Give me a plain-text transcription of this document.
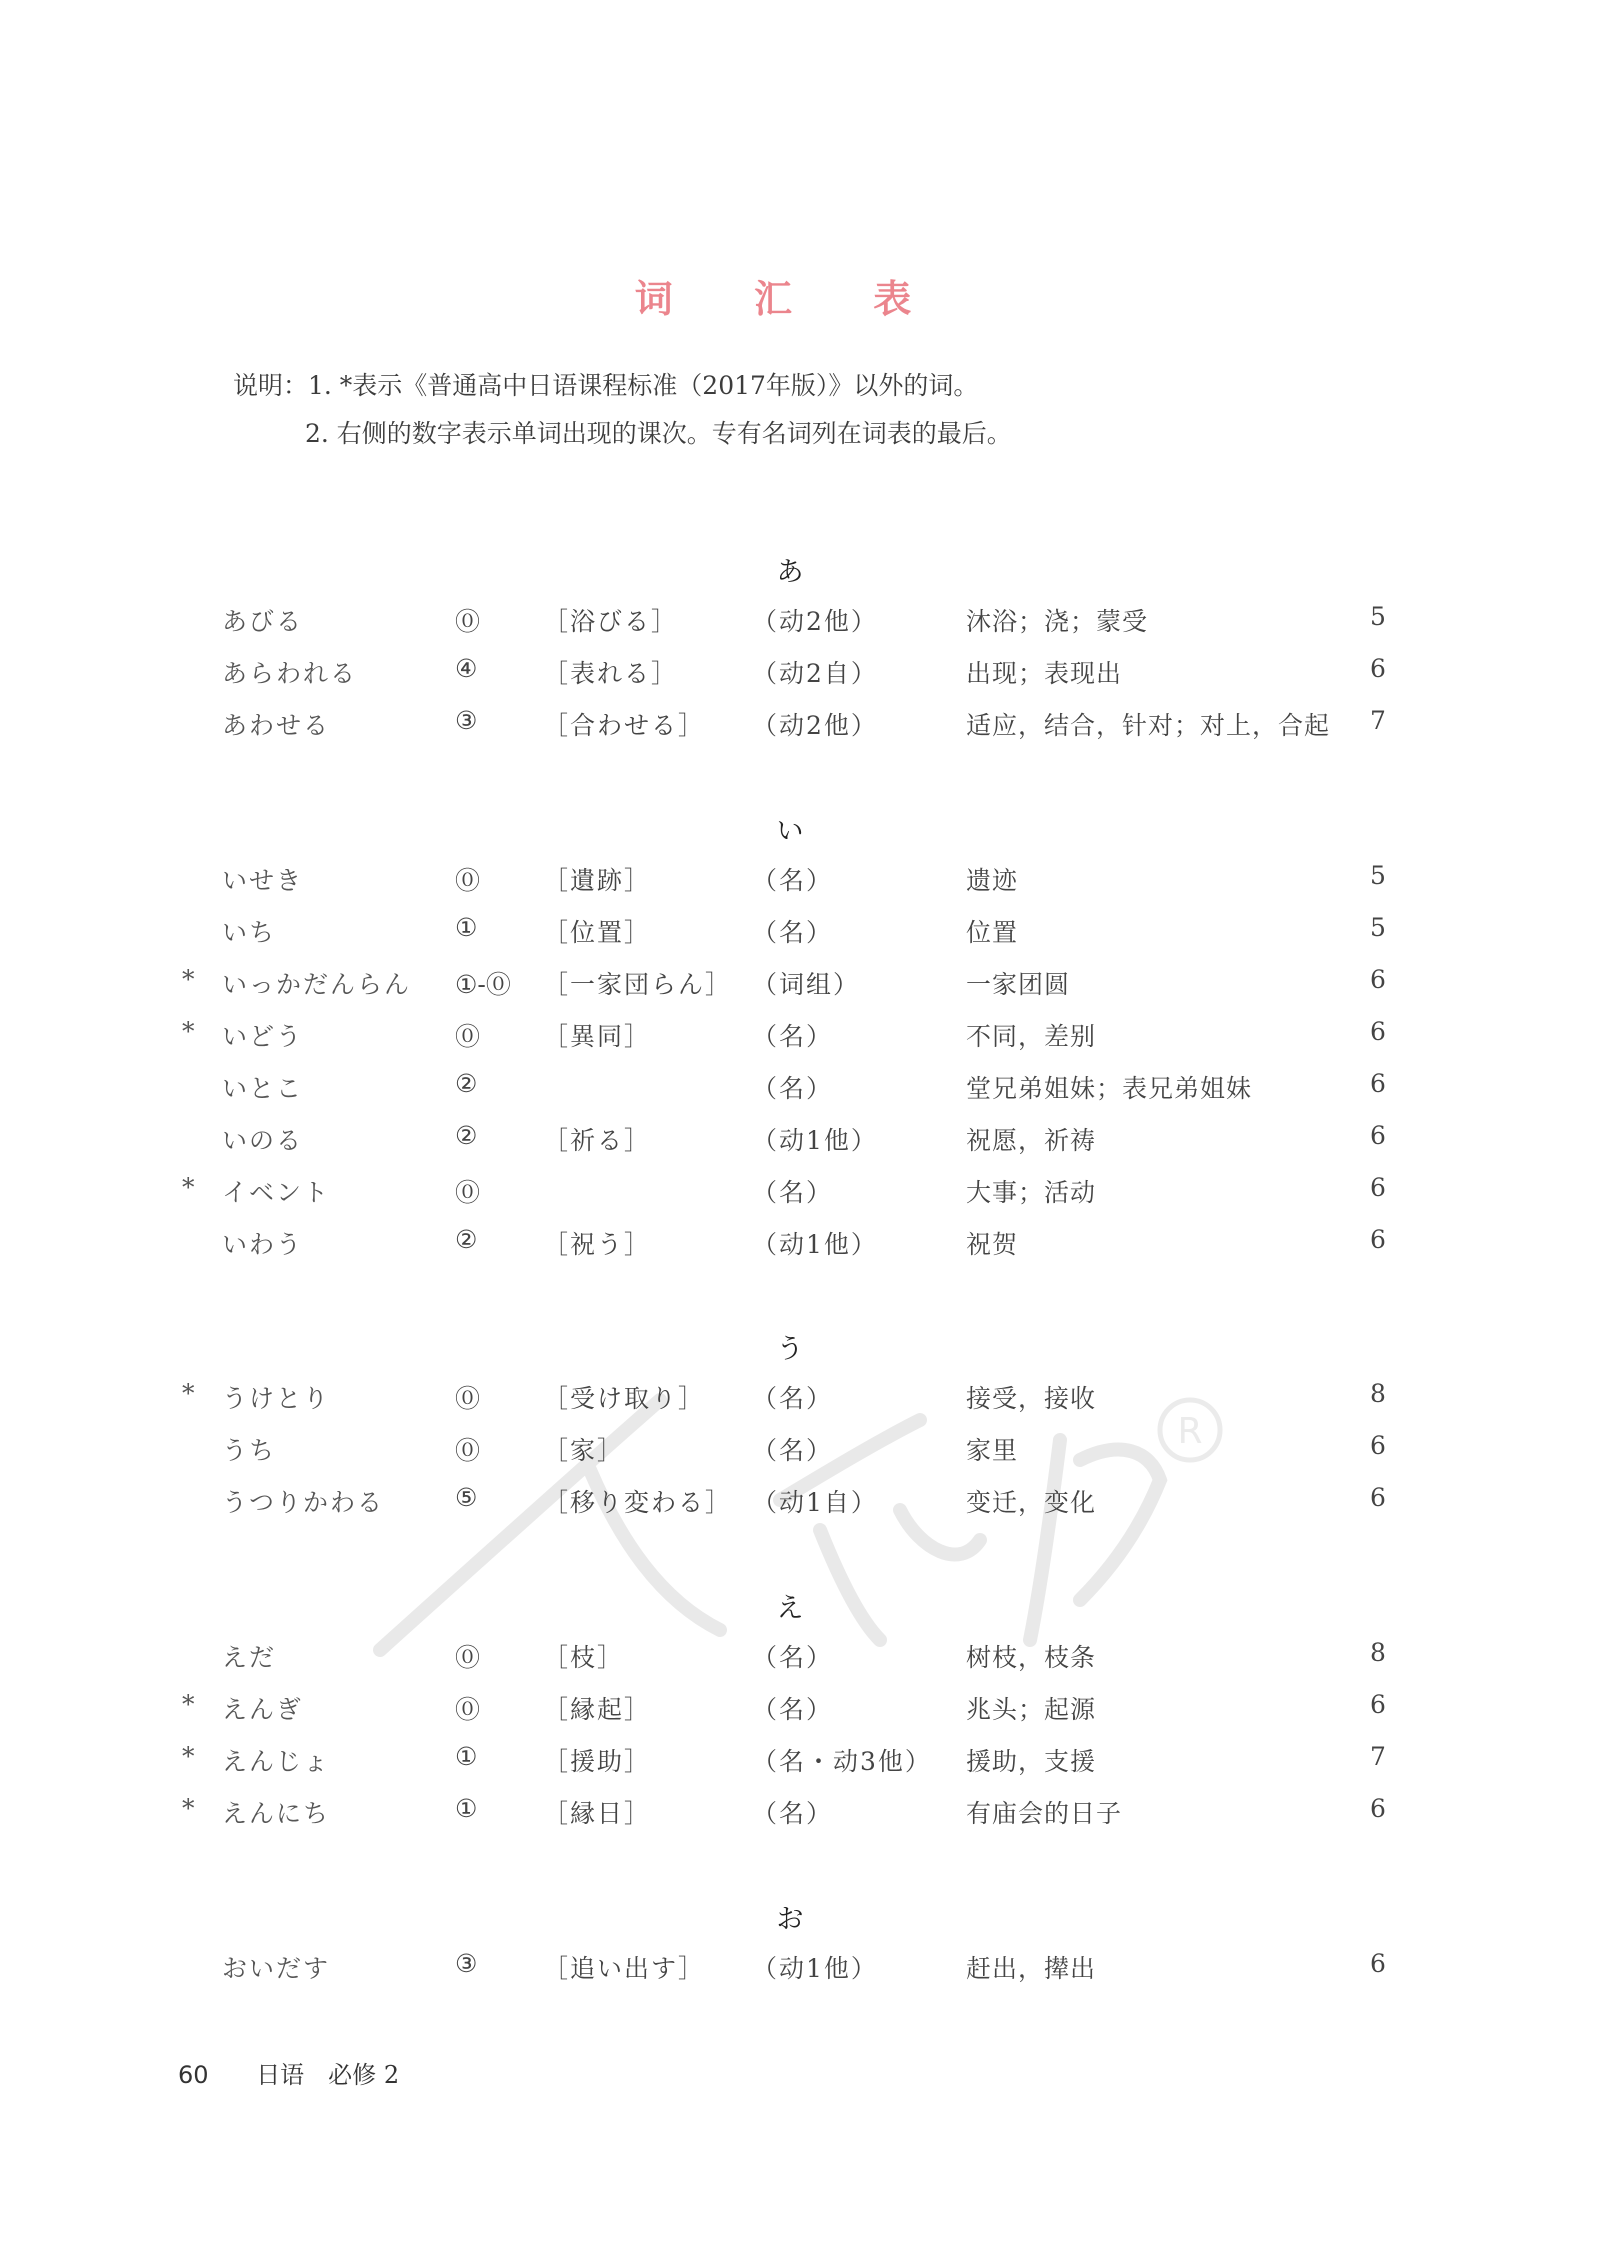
词 汇 表
说明：1. *表示《普通高中日语课程标准（2017年版）》以外的词。
2. 右侧的数字表示单词出现的课次。专有名词列在词表的最后。
R
あ
あびる	⓪	［浴びる］	（动2他）	沐浴；浇；蒙受	5
あらわれる	④	［表れる］	（动2自）	出现；表现出	6
あわせる	③	［合わせる］ （动2他）	适应，结合，针对；对上，合起 7
い
いせき	⓪	［遺跡］	（名）	遗迹	5
いち	①	［位置］	（名）	位置	5
* いっかだんらん ①-⓪ ［一家団らん］ （词组）	一家团圆	6
* いどう	⓪	［異同］	（名）	不同，差别	6
いとこ	②	（名）	堂兄弟姐妹；表兄弟姐妹	6
いのる	②	［祈る］	（动1他）	祝愿，祈祷	6
* イベント	⓪	（名）	大事；活动	6
いわう	②	［祝う］	（动1他）	祝贺	6
う
* うけとり	⓪	［受け取り］ （名）	接受，接收	8
うち	⓪	［家］	（名）	家里	6
うつりかわる	⑤	［移り変わる］ （动1自）	变迁，变化	6
え
えだ	⓪	［枝］	（名）	树枝，枝条	8
* えんぎ	⓪	［縁起］	（名）	兆头；起源	6
* えんじょ	①	［援助］	（名・动3他） 援助，支援	7
* えんにち	①	［縁日］	（名）	有庙会的日子	6
お
おいだす	③	［追い出す］ （动1他）	赶出，撵出	6
60 日语　必修 2
